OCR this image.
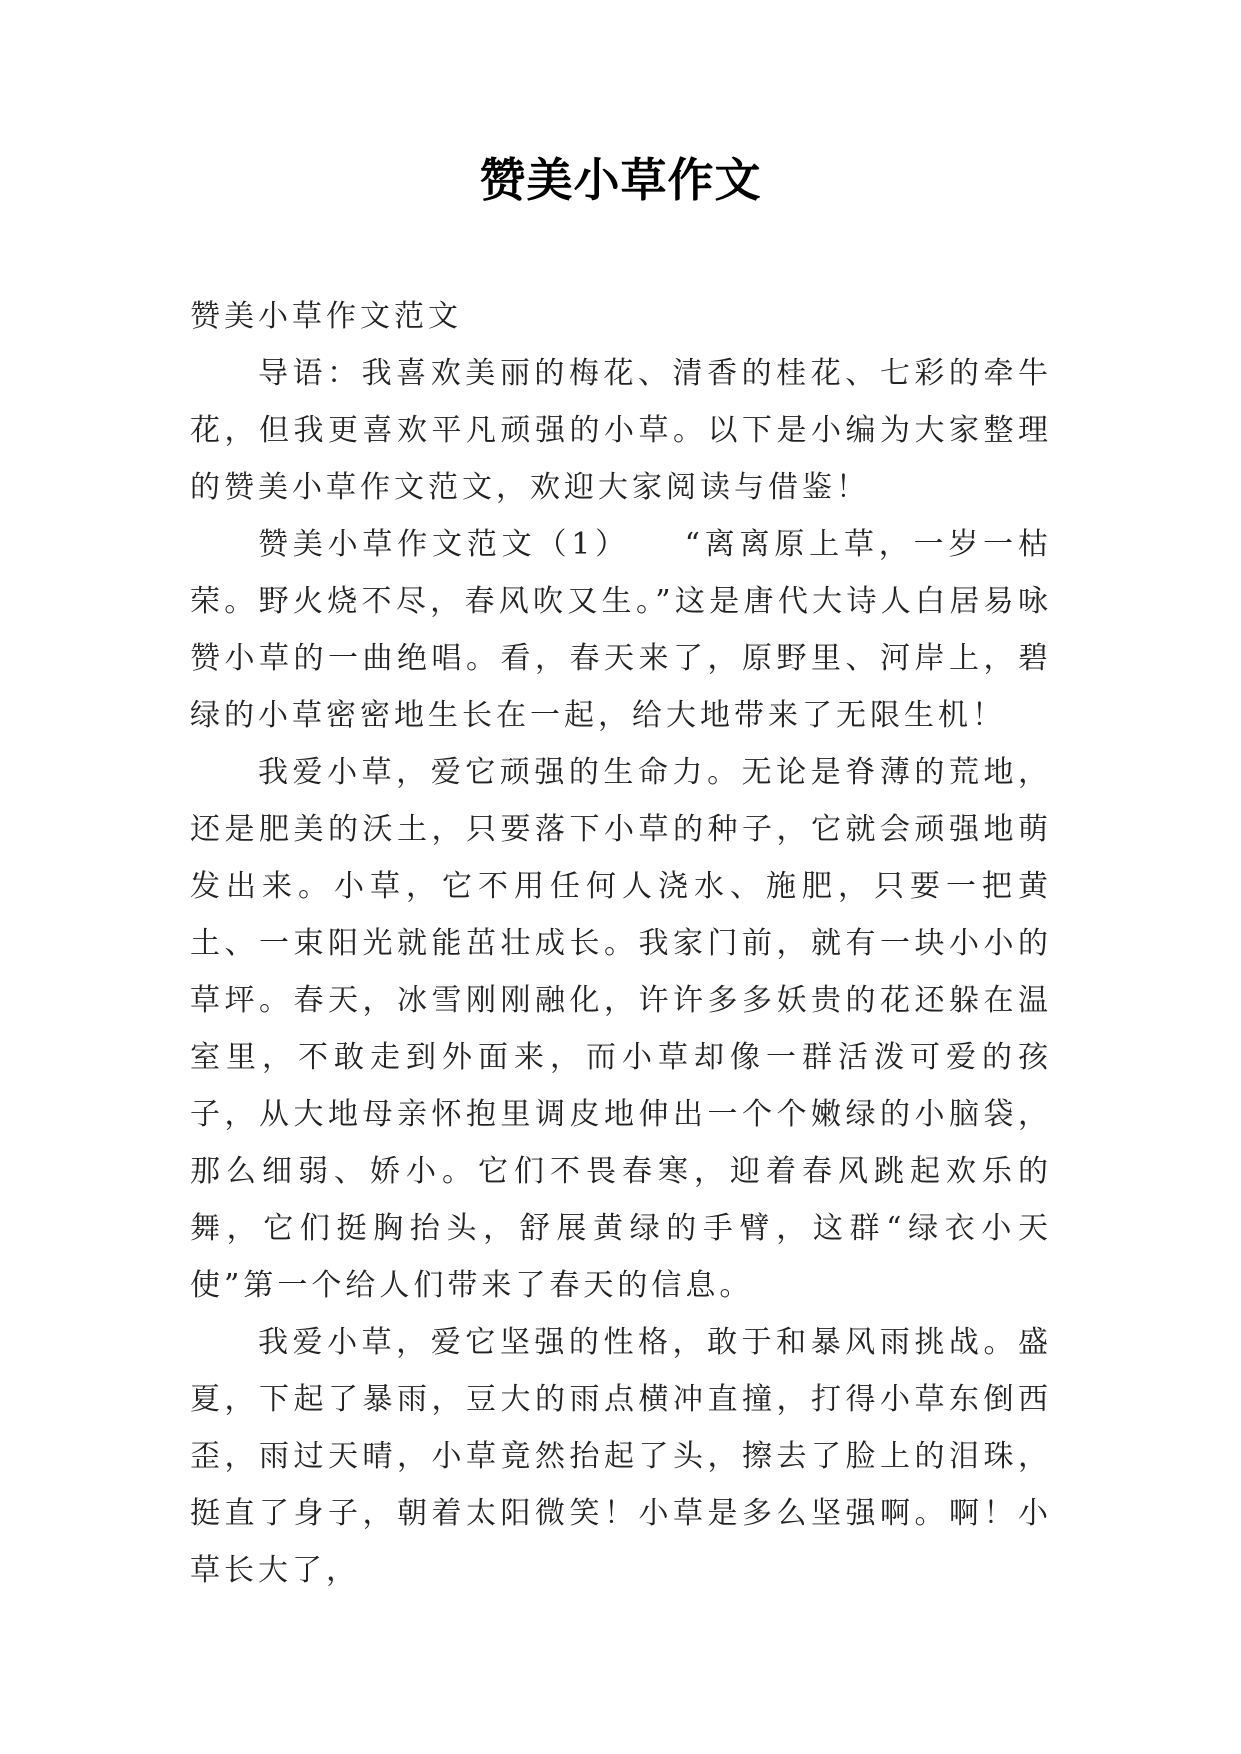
赞美小草作文

赞美小草作文范文

导语：我喜欢美丽的梅花、清香的桂花、七彩的牵牛花，但我更喜欢平凡顽强的小草。以下是小编为大家整理的赞美小草作文范文，欢迎大家阅读与借鉴！

赞美小草作文范文（1）　　“离离原上草，一岁一枯荣。野火烧不尽，春风吹又生。”这是唐代大诗人白居易咏赞小草的一曲绝唱。看，春天来了，原野里、河岸上，碧绿的小草密密地生长在一起，给大地带来了无限生机！

我爱小草，爱它顽强的生命力。无论是脊薄的荒地，还是肥美的沃土，只要落下小草的种子，它就会顽强地萌发出来。小草，它不用任何人浇水、施肥，只要一把黄土、一束阳光就能茁壮成长。我家门前，就有一块小小的草坪。春天，冰雪刚刚融化，许许多多妖贵的花还躲在温室里，不敢走到外面来，而小草却像一群活泼可爱的孩子，从大地母亲怀抱里调皮地伸出一个个嫩绿的小脑袋，那么细弱、娇小。它们不畏春寒，迎着春风跳起欢乐的舞，它们挺胸抬头，舒展黄绿的手臂，这群“绿衣小天使”第一个给人们带来了春天的信息。

我爱小草，爱它坚强的性格，敢于和暴风雨挑战。盛夏，下起了暴雨，豆大的雨点横冲直撞，打得小草东倒西歪，雨过天晴，小草竟然抬起了头，擦去了脸上的泪珠，挺直了身子，朝着太阳微笑！小草是多么坚强啊。啊！小草长大了，
